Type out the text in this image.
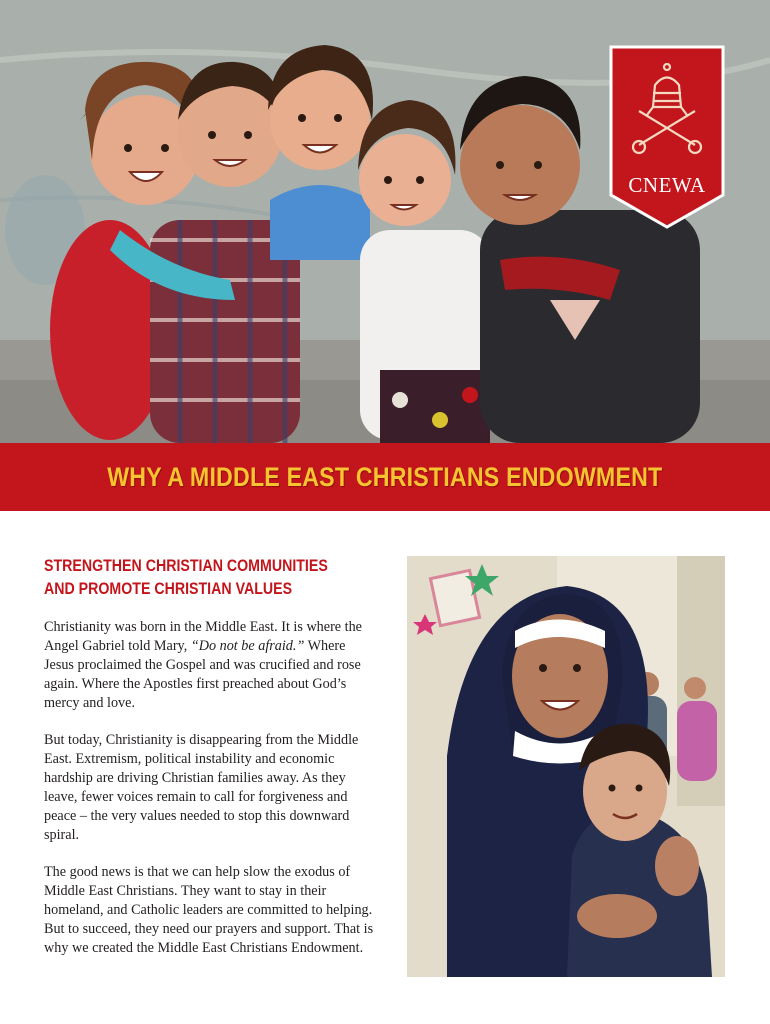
CNEWA
WHY A MIDDLE EAST CHRISTIANS ENDOWMENT
STRENGTHEN CHRISTIAN COMMUNITIES
AND PROMOTE CHRISTIAN VALUES

Christianity was born in the Middle East. It is where the Angel Gabriel told Mary, “Do not be afraid.” Where Jesus proclaimed the Gospel and was crucified and rose again. Where the Apostles first preached about God’s mercy and love.

But today, Christianity is disappearing from the Middle East. Extremism, political instability and economic hardship are driving Christian families away. As they leave, fewer voices remain to call for forgiveness and peace – the very values needed to stop this downward spiral.

The good news is that we can help slow the exodus of Middle East Christians. They want to stay in their homeland, and Catholic leaders are committed to helping. But to succeed, they need our prayers and support. That is why we created the Middle East Christians Endowment.
